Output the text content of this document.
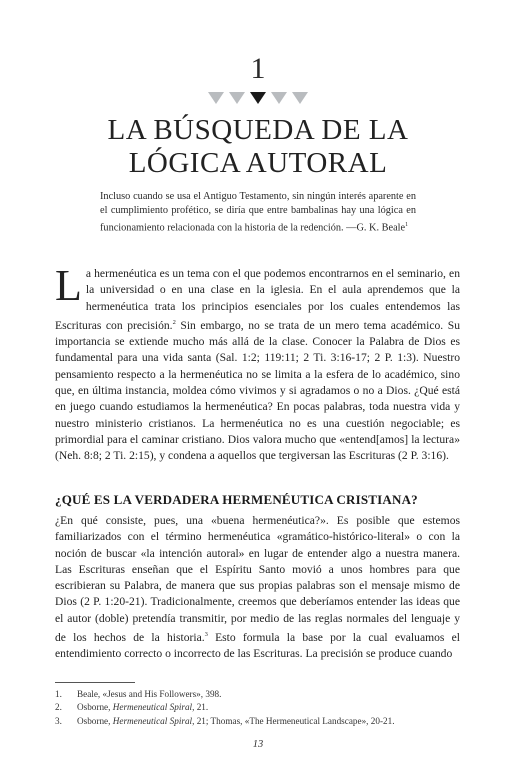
1
LA BÚSQUEDA DE LA
LÓGICA AUTORAL
Incluso cuando se usa el Antiguo Testamento, sin ningún interés aparente en el cumplimiento profético, se diría que entre bambalinas hay una lógica en funcionamiento relacionada con la historia de la redención. —G. K. Beale$^1$
La hermenéutica es un tema con el que podemos encontrarnos en el seminario, en la universidad o en una clase en la iglesia. En el aula aprendemos que la hermenéutica trata los principios esenciales por los cuales entendemos las Escrituras con precisión.$^2$ Sin embargo, no se trata de un mero tema académico. Su importancia se extiende mucho más allá de la clase. Conocer la Palabra de Dios es fundamental para una vida santa (Sal. 1:2; 119:11; 2 Ti. 3:16-17; 2 P. 1:3). Nuestro pensamiento respecto a la hermenéutica no se limita a la esfera de lo académico, sino que, en última instancia, moldea cómo vivimos y si agradamos o no a Dios. ¿Qué está en juego cuando estudiamos la hermenéutica? En pocas palabras, toda nuestra vida y nuestro ministerio cristianos. La hermenéutica no es una cuestión negociable; es primordial para el caminar cristiano. Dios valora mucho que «entend[amos] la lectura» (Neh. 8:8; 2 Ti. 2:15), y condena a aquellos que tergiversan las Escrituras (2 P. 3:16).
¿QUÉ ES LA VERDADERA HERMENÉUTICA CRISTIANA?
¿En qué consiste, pues, una «buena hermenéutica?». Es posible que estemos familiarizados con el término hermenéutica «gramático-histórico-literal» o con la noción de buscar «la intención autoral» en lugar de entender algo a nuestra manera. Las Escrituras enseñan que el Espíritu Santo movió a unos hombres para que escribieran su Palabra, de manera que sus propias palabras son el mensaje mismo de Dios (2 P. 1:20-21). Tradicionalmente, creemos que deberíamos entender las ideas que el autor (doble) pretendía transmitir, por medio de las reglas normales del lenguaje y de los hechos de la historia.$^3$ Esto formula la base por la cual evaluamos el entendimiento correcto o incorrecto de las Escrituras. La precisión se produce cuando
1.	Beale, «Jesus and His Followers», 398.
2.	Osborne, Hermeneutical Spiral, 21.
3.	Osborne, Hermeneutical Spiral, 21; Thomas, «The Hermeneutical Landscape», 20-21.
13
